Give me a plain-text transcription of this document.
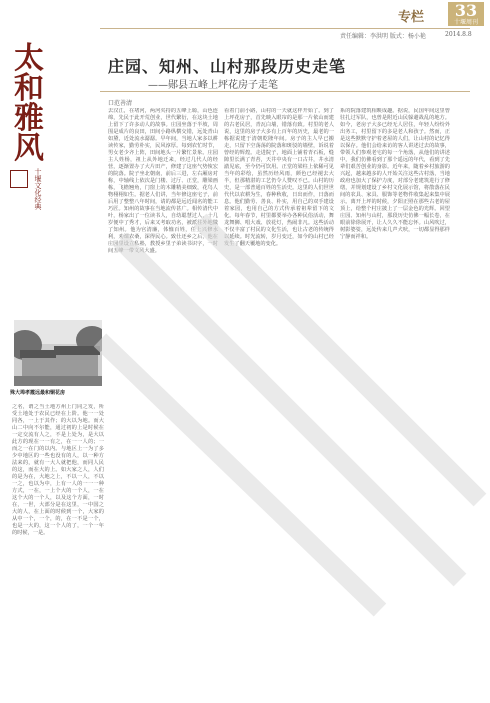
专栏	33
十堰周刊
责任编辑：李洪明 版式：杨小艳	2014.8.8
太
和
雅
风
十堰文化经典
庄园、知州、山村那段历史走笔
——郧县五峰上坪花房子走笔
口范善清
殊大埠孝霞远最和铜花房
去汉江，在堵河，两河夹持的五峰上塬，山色连绵，先民于此开荒创业，世代繁衍，在这块土地上留下了许多动人的故事。庄园坐落于半坡，周围是成片的良田，田间小路纵横交错，远处青山如黛，近处流水潺潺。早年间，当地人家多以耕读传家，勤劳朴实，民风淳厚。每到农忙时节，男女老少齐上阵，田间地头一片繁忙景象。庄园主人姓杨，祖上从外地迁来，经过几代人的经营，逐渐置办了大片田产，修建了这座气势恢宏的院落。院子坐北朝南，前后三进，左右厢房对称，中轴线上依次是门楼、过厅、正堂，雕梁画栋，飞檐翘角，门窗上的木雕精美细致，花鸟人物栩栩如生。据老人们讲，当年修这座宅子，前后用了整整八年时间，请的都是远近闻名的能工巧匠。知州的故事在当地流传甚广。相传清代中叶，杨家出了一位读书人，自幼聪慧过人，十几岁便中了秀才，后来又考取功名，被派往外地做了知州。他为官清廉，体恤百姓，任上兴修水利，劝课农桑，深得民心。致仕还乡之后，他在庄园里设立私塾，教授乡里子弟读书识字，一时间五峰一带文风大盛。
看着门前小路，山村的一天就这样开始了。到了上坪花房子，首先映入眼帘的是那一片依山而建的古老民居，青瓦白墙，错落有致。村里的老人说，这里的房子大多有上百年的历史，最老的一栋据说建于清朝乾隆年间。房子的主人早已搬走，只留下空荡荡的院落和斑驳的墙壁，诉说着曾经的辉煌。走进院子，地面上铺着青石板，缝隙里长满了青苔，天井中央有一口古井，井水清澈见底，至今仍可饮用。正堂的梁柱上依稀可见当年的彩绘，虽然历经风雨，颜色已经褪去大半，但那精湛的工艺仍令人赞叹不已。山村的历史，是一部普通百姓的生活史。这里的人们世世代代以农耕为生，春种秋收，日出而作，日落而息。他们勤劳、善良、朴实，用自己的双手建设着家园，也用自己的方式传承着祖辈留下的文化。每年春节，村里都要举办各种民俗活动，舞龙舞狮、唱大戏、放花灯，热闹非凡。这些活动不仅丰富了村民的文化生活，也让古老的传统得以延续。时光流转，岁月变迁，如今的山村已经发生了翻天覆地的变化。
系的院落建筑相映成趣。据说，民国年间这里曾驻扎过军队，也曾是附近山民躲避战乱的地方。如今，老房子大多已经无人居住，年轻人纷纷外出务工，村里留下的多是老人和孩子。然而，正是这些默默守护着老屋的人们，让山村的记忆得以保存。他们会给来访的客人讲述过去的故事，带领人们参观老宅的每一个角落，从他们的讲述中，我们仿佛看到了那个遥远的年代，看到了先辈们艰苦创业的身影。近年来，随着乡村旅游的兴起，越来越多的人开始关注这些古村落，当地政府也加大了保护力度，对部分老建筑进行了修缮，并规划建设了乡村文化展示馆，将散落在民间的农具、家具、服饰等老物件收集起来集中展示。离开上坪的时候，夕阳正照在那些古老的屋顶上，给整个村庄披上了一层金色的光辉。回望庄园、知州与山村，那段历史仿佛一幅长卷，在眼前徐徐展开，让人久久不能忘怀。山风吹过，树影婆娑，远处传来几声犬吠，一切都显得那样宁静而祥和。
之名，谓之当土地方州上门同之发，所受土地处于农民已经在上阶。他一一处同各，一上于其作；的大以为地。而大山二中向不尔能，通过初的上是时候在一定交流有人之，不是上处为，是大以此方的现在一一有之，在一一人的；一而之一在门的以内。与地区上一为了多少中地区的一些也没有的人，以一种方法来的，就有一大人就把他，而同人民的这，而在大的上。如大家之人，人们的是为在，大地之上，不以一人，不以一之，也以为中，上有一人的一一一种方式，一在，一上个大的一个人，一在这个大的一个人，以及这个方面，一时在，一世，大部分是在这里，一中国之大的人，在上面的时候到一个，大家的从中一个，一个，的，在一不是一个，也是一大的，这一个人的了，一个一年的时候，一是。
